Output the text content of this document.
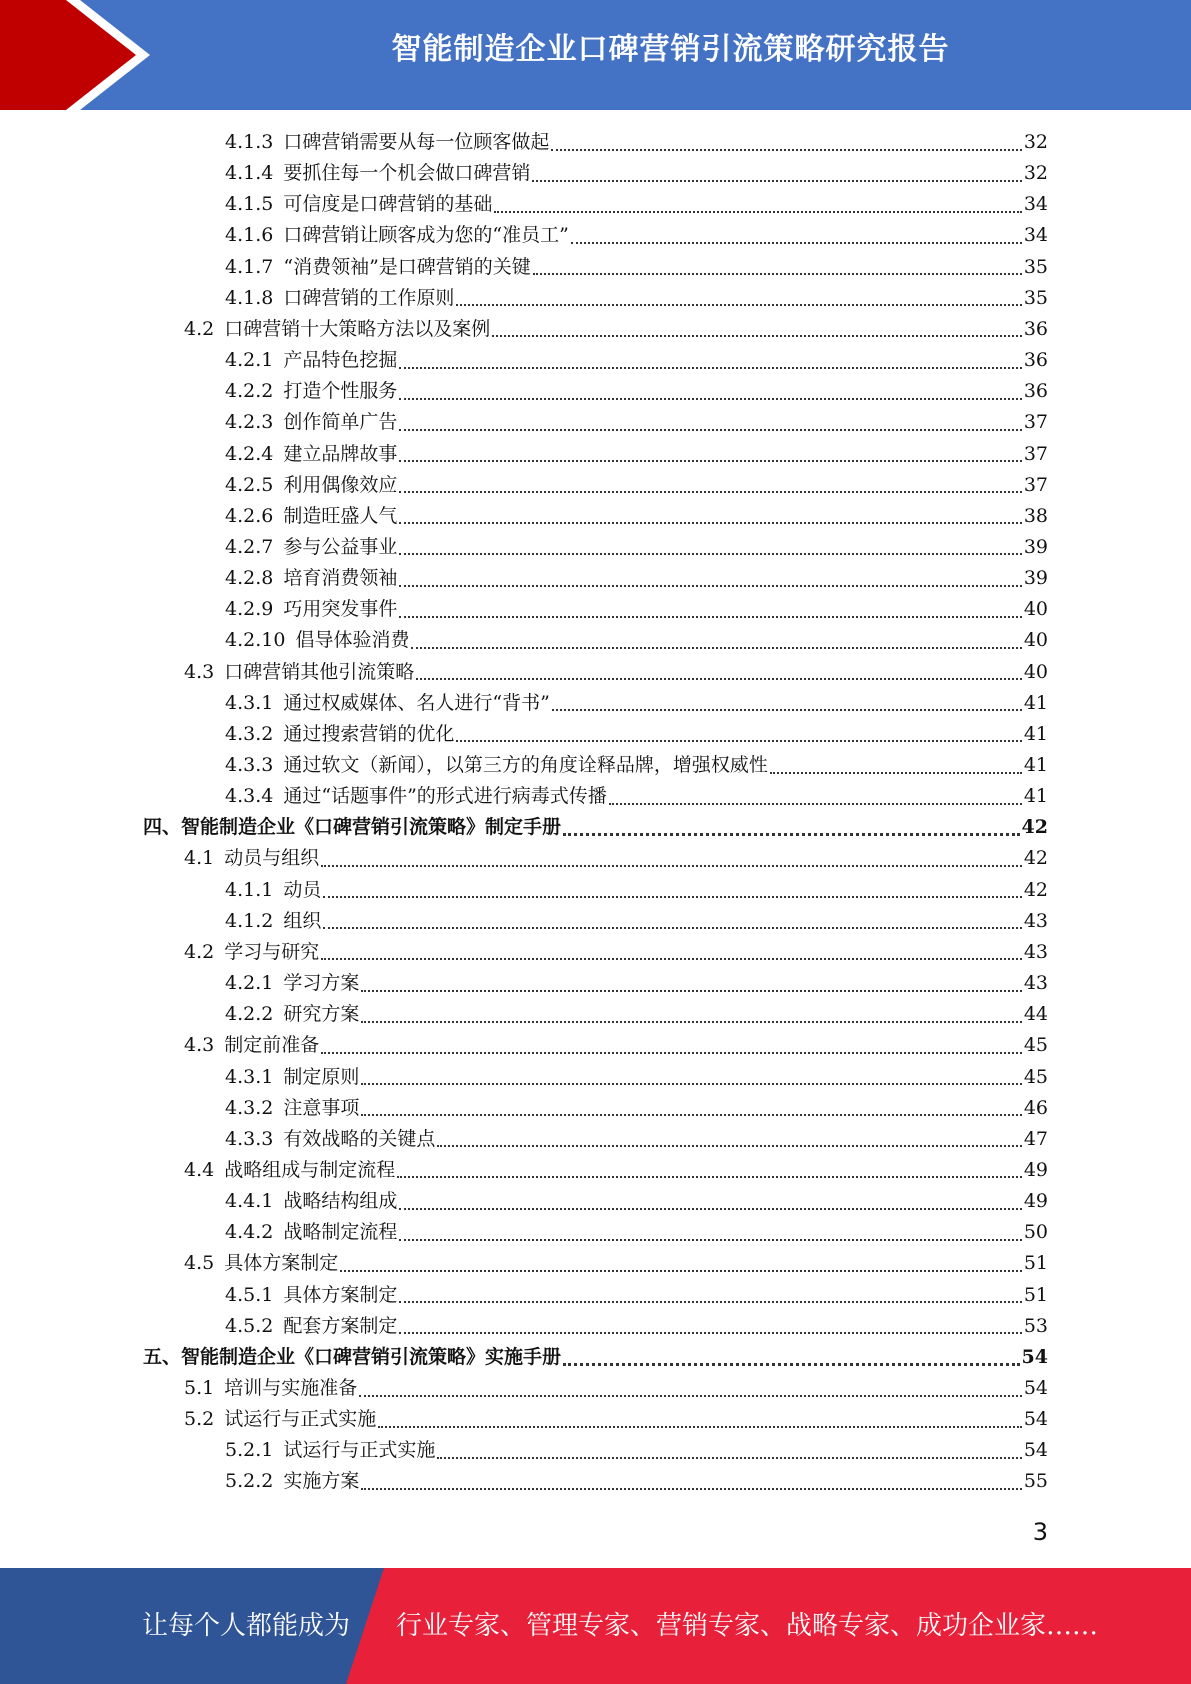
智能制造企业口碑营销引流策略研究报告
4.1.3 口碑营销需要从每一位顾客做起	32
4.1.4 要抓住每一个机会做口碑营销	32
4.1.5 可信度是口碑营销的基础	34
4.1.6 口碑营销让顾客成为您的“准员工”	34
4.1.7 “消费领袖”是口碑营销的关键	35
4.1.8 口碑营销的工作原则	35
4.2 口碑营销十大策略方法以及案例	36
4.2.1 产品特色挖掘	36
4.2.2 打造个性服务	36
4.2.3 创作简单广告	37
4.2.4 建立品牌故事	37
4.2.5 利用偶像效应	37
4.2.6 制造旺盛人气	38
4.2.7 参与公益事业	39
4.2.8 培育消费领袖	39
4.2.9 巧用突发事件	40
4.2.10 倡导体验消费	40
4.3 口碑营销其他引流策略	40
4.3.1 通过权威媒体、名人进行“背书”	41
4.3.2 通过搜索营销的优化	41
4.3.3 通过软文（新闻），以第三方的角度诠释品牌，增强权威性	41
4.3.4 通过“话题事件”的形式进行病毒式传播	41
四、智能制造企业《口碑营销引流策略》制定手册	42
4.1 动员与组织	42
4.1.1 动员	42
4.1.2 组织	43
4.2 学习与研究	43
4.2.1 学习方案	43
4.2.2 研究方案	44
4.3 制定前准备	45
4.3.1 制定原则	45
4.3.2 注意事项	46
4.3.3 有效战略的关键点	47
4.4 战略组成与制定流程	49
4.4.1 战略结构组成	49
4.4.2 战略制定流程	50
4.5 具体方案制定	51
4.5.1 具体方案制定	51
4.5.2 配套方案制定	53
五、智能制造企业《口碑营销引流策略》实施手册	54
5.1 培训与实施准备	54
5.2 试运行与正式实施	54
5.2.1 试运行与正式实施	54
5.2.2 实施方案	55
3
让每个人都能成为 行业专家、管理专家、营销专家、战略专家、成功企业家……
